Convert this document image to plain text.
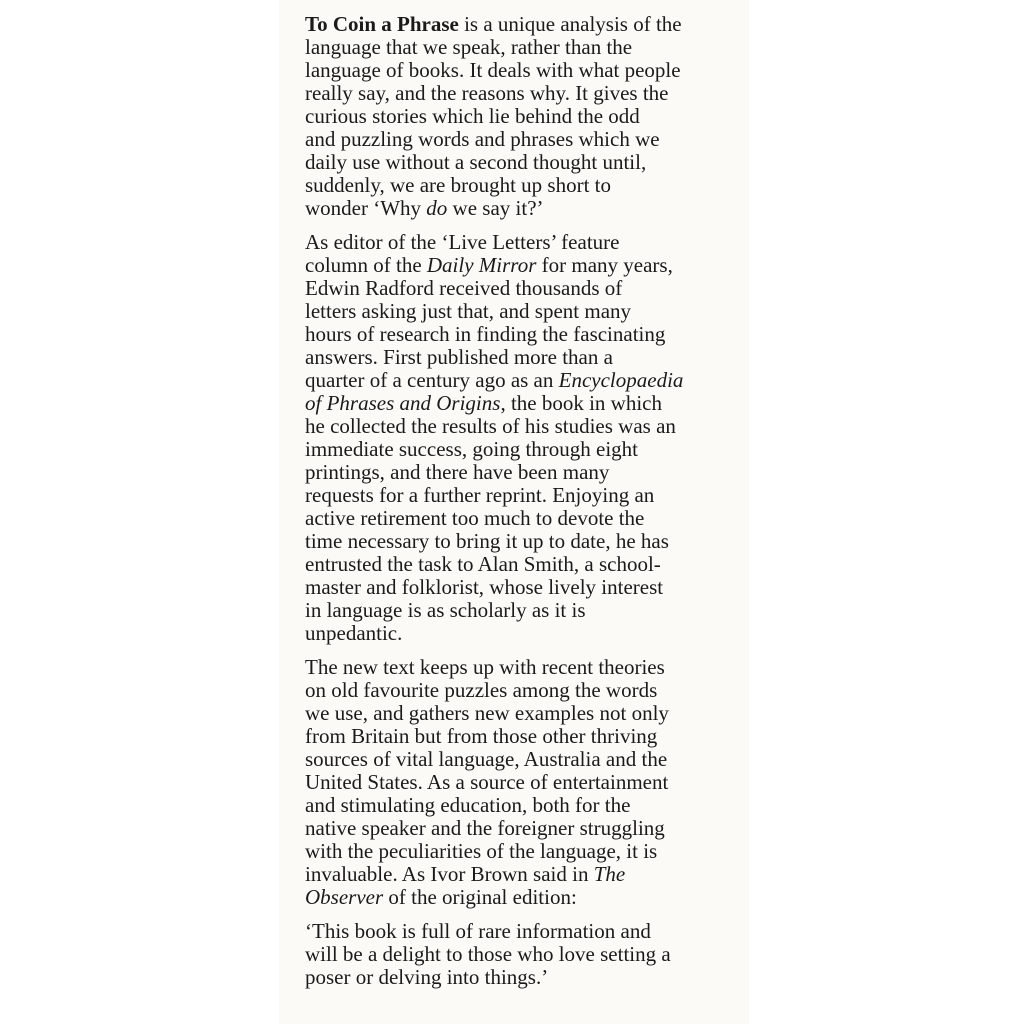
To Coin a Phrase is a unique analysis of the
language that we speak, rather than the
language of books. It deals with what people
really say, and the reasons why. It gives the
curious stories which lie behind the odd
and puzzling words and phrases which we
daily use without a second thought until,
suddenly, we are brought up short to
wonder ‘Why do we say it?’

As editor of the ‘Live Letters’ feature
column of the Daily Mirror for many years,
Edwin Radford received thousands of
letters asking just that, and spent many
hours of research in finding the fascinating
answers. First published more than a
quarter of a century ago as an Encyclopaedia
of Phrases and Origins, the book in which
he collected the results of his studies was an
immediate success, going through eight
printings, and there have been many
requests for a further reprint. Enjoying an
active retirement too much to devote the
time necessary to bring it up to date, he has
entrusted the task to Alan Smith, a school-
master and folklorist, whose lively interest
in language is as scholarly as it is
unpedantic.

The new text keeps up with recent theories
on old favourite puzzles among the words
we use, and gathers new examples not only
from Britain but from those other thriving
sources of vital language, Australia and the
United States. As a source of entertainment
and stimulating education, both for the
native speaker and the foreigner struggling
with the peculiarities of the language, it is
invaluable. As Ivor Brown said in The
Observer of the original edition:

‘This book is full of rare information and
will be a delight to those who love setting a
poser or delving into things.’
